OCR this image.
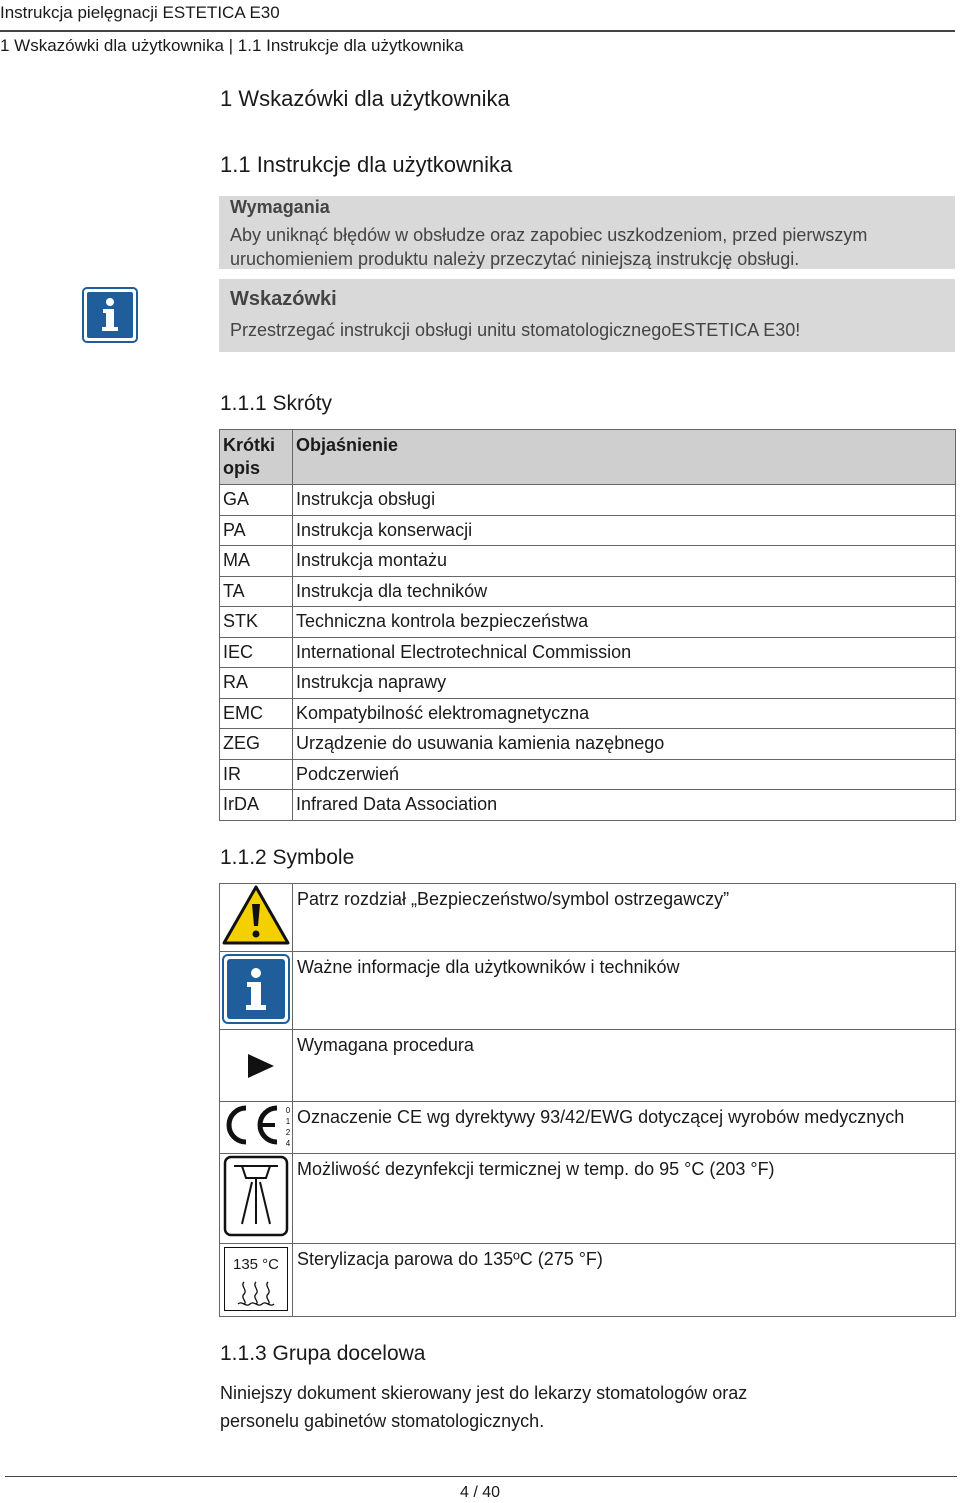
Instrukcja pielęgnacji ESTETICA E30
1 Wskazówki dla użytkownika | 1.1 Instrukcje dla użytkownika
1 Wskazówki dla użytkownika
1.1 Instrukcje dla użytkownika
Wymagania
Aby uniknąć błędów w obsłudze oraz zapobiec uszkodzeniom, przed pierwszym uruchomieniem produktu należy przeczytać niniejszą instrukcję obsługi.
Wskazówki
Przestrzegać instrukcji obsługi unitu stomatologicznegoESTETICA E30!
1.1.1 Skróty
Krótki opis	Objaśnienie
GA	Instrukcja obsługi
PA	Instrukcja konserwacji
MA	Instrukcja montażu
TA	Instrukcja dla techników
STK	Techniczna kontrola bezpieczeństwa
IEC	International Electrotechnical Commission
RA	Instrukcja naprawy
EMC	Kompatybilność elektromagnetyczna
ZEG	Urządzenie do usuwania kamienia nazębnego
IR	Podczerwień
IrDA	Infrared Data Association
1.1.2 Symbole
	Patrz rozdział „Bezpieczeństwo/symbol ostrzegawczy”
	Ważne informacje dla użytkowników i techników
	Wymagana procedura

0124	Oznaczenie CE wg dyrektywy 93/42/EWG dotyczącej wyrobów medycznych
	Możliwość dezynfekcji termicznej w temp. do 95 °C (203 °F)

135 °C	Sterylizacja parowa do 135ºC (275 °F)
1.1.3 Grupa docelowa
Niniejszy dokument skierowany jest do lekarzy stomatologów oraz personelu gabinetów stomatologicznych.
4 / 40
